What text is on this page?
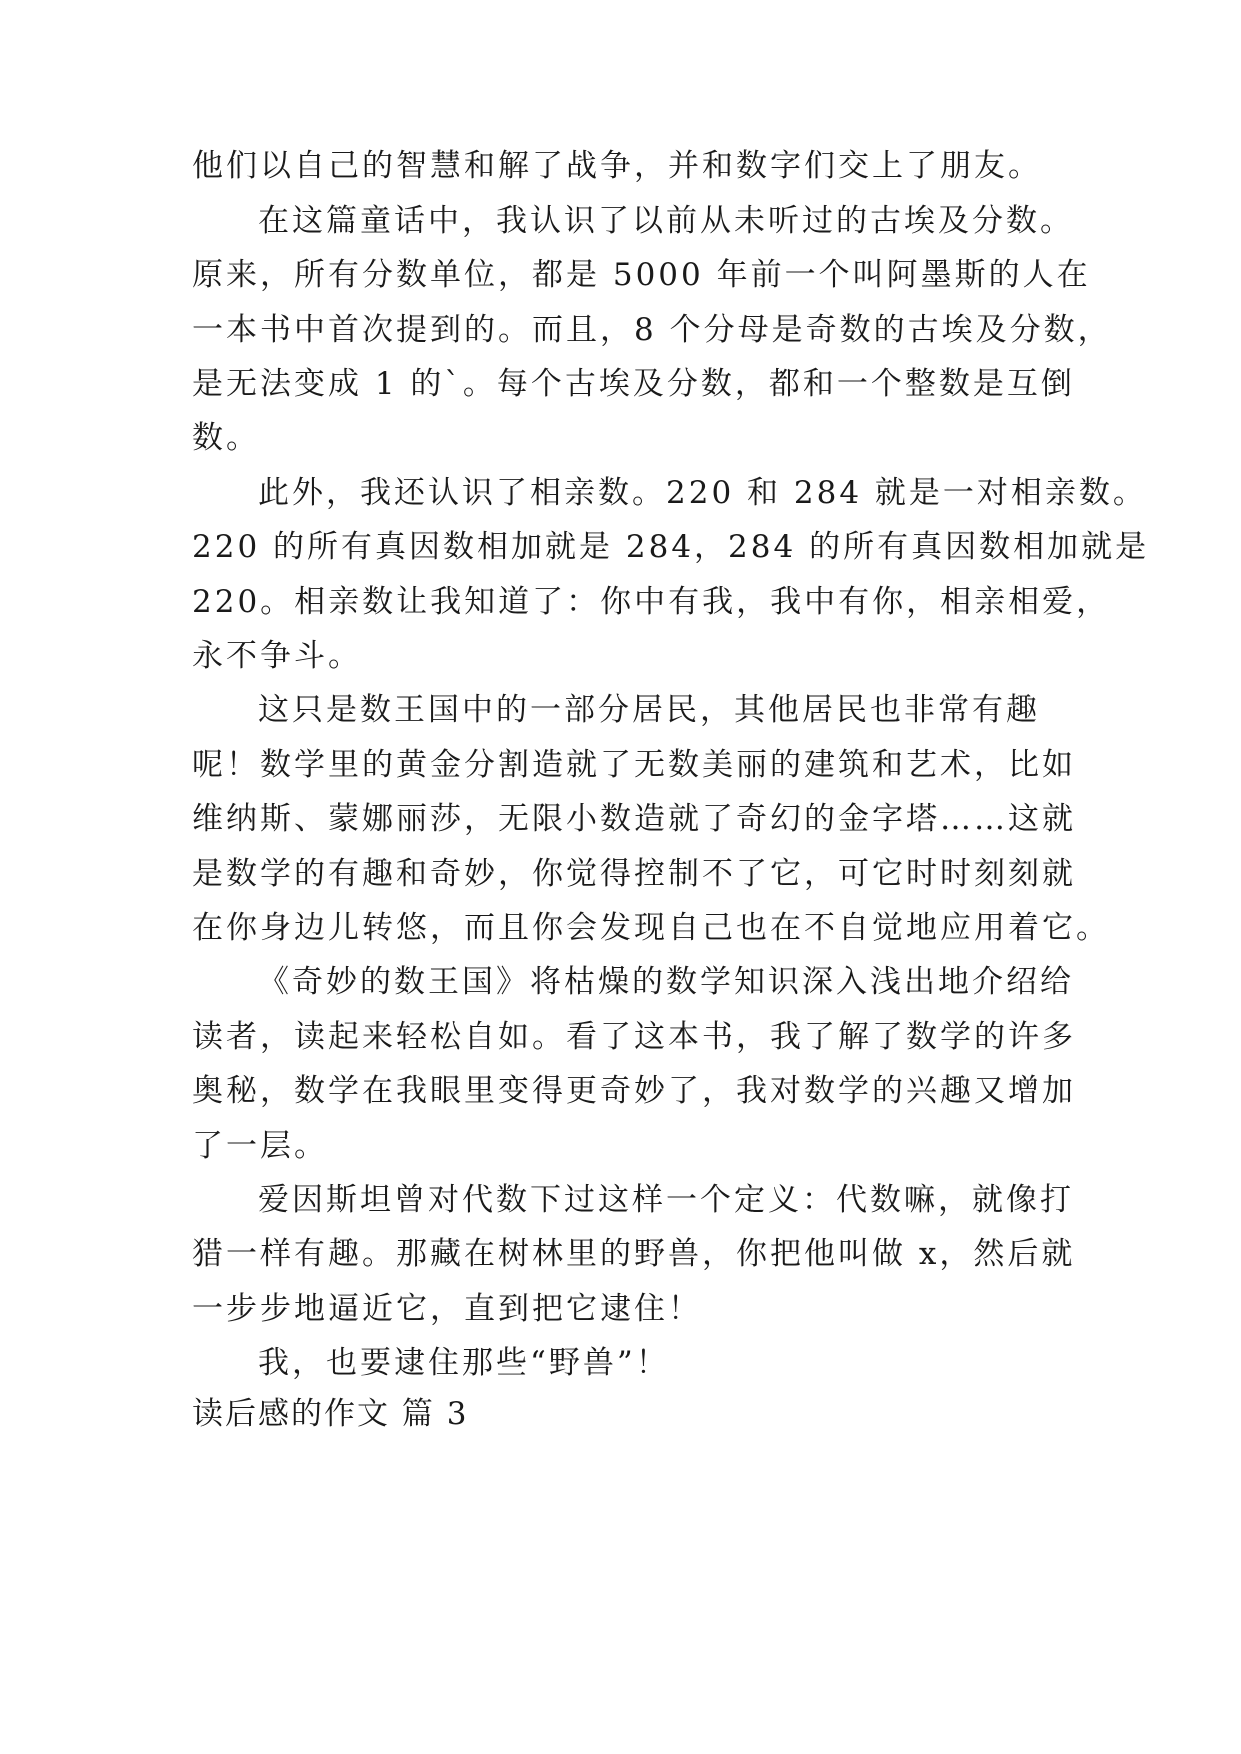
他们以自己的智慧和解了战争，并和数字们交上了朋友。
在这篇童话中，我认识了以前从未听过的古埃及分数。
原来，所有分数单位，都是 5000 年前一个叫阿墨斯的人在
一本书中首次提到的。而且，8 个分母是奇数的古埃及分数，
是无法变成 1 的`。每个古埃及分数，都和一个整数是互倒
数。
此外，我还认识了相亲数。220 和 284 就是一对相亲数。
220 的所有真因数相加就是 284，284 的所有真因数相加就是
220。相亲数让我知道了：你中有我，我中有你，相亲相爱，
永不争斗。
这只是数王国中的一部分居民，其他居民也非常有趣
呢！数学里的黄金分割造就了无数美丽的建筑和艺术，比如
维纳斯、蒙娜丽莎，无限小数造就了奇幻的金字塔……这就
是数学的有趣和奇妙，你觉得控制不了它，可它时时刻刻就
在你身边儿转悠，而且你会发现自己也在不自觉地应用着它。
《奇妙的数王国》将枯燥的数学知识深入浅出地介绍给
读者，读起来轻松自如。看了这本书，我了解了数学的许多
奥秘，数学在我眼里变得更奇妙了，我对数学的兴趣又增加
了一层。
爱因斯坦曾对代数下过这样一个定义：代数嘛，就像打
猎一样有趣。那藏在树林里的野兽，你把他叫做 x，然后就
一步步地逼近它，直到把它逮住！
我，也要逮住那些“野兽”！
读后感的作文 篇 3
